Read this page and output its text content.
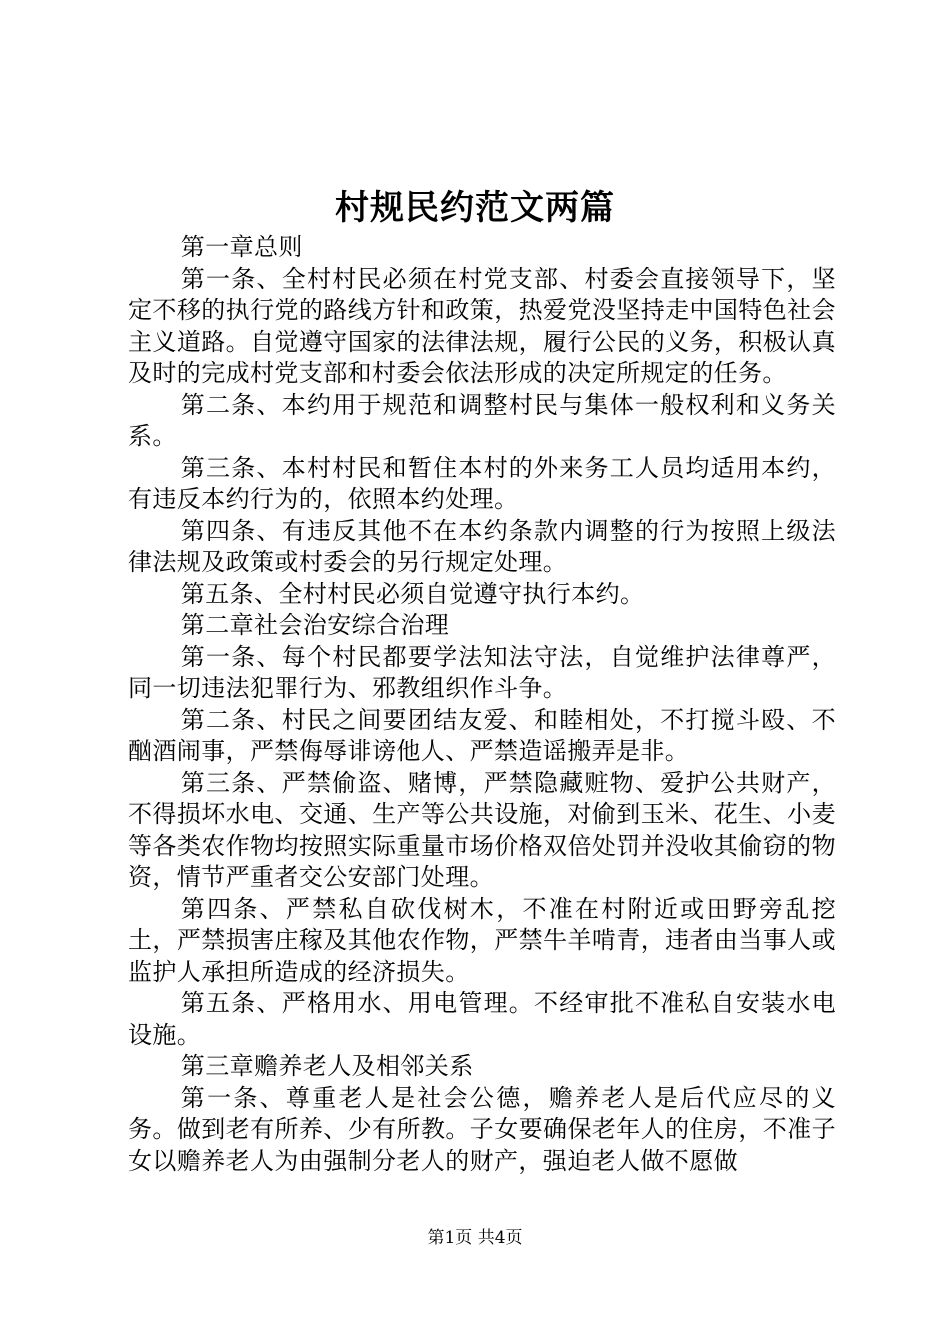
村规民约范文两篇

第一章总则

第一条、全村村民必须在村党支部、村委会直接领导下，坚定不移的执行党的路线方针和政策，热爱党没坚持走中国特色社会主义道路。自觉遵守国家的法律法规，履行公民的义务，积极认真及时的完成村党支部和村委会依法形成的决定所规定的任务。

第二条、本约用于规范和调整村民与集体一般权利和义务关系。

第三条、本村村民和暂住本村的外来务工人员均适用本约，有违反本约行为的，依照本约处理。

第四条、有违反其他不在本约条款内调整的行为按照上级法律法规及政策或村委会的另行规定处理。

第五条、全村村民必须自觉遵守执行本约。

第二章社会治安综合治理

第一条、每个村民都要学法知法守法，自觉维护法律尊严，同一切违法犯罪行为、邪教组织作斗争。

第二条、村民之间要团结友爱、和睦相处，不打搅斗殴、不酗酒闹事，严禁侮辱诽谤他人、严禁造谣搬弄是非。

第三条、严禁偷盗、赌博，严禁隐藏赃物、爱护公共财产，不得损坏水电、交通、生产等公共设施，对偷到玉米、花生、小麦等各类农作物均按照实际重量市场价格双倍处罚并没收其偷窃的物资，情节严重者交公安部门处理。

第四条、严禁私自砍伐树木，不准在村附近或田野旁乱挖土，严禁损害庄稼及其他农作物，严禁牛羊啃青，违者由当事人或监护人承担所造成的经济损失。

第五条、严格用水、用电管理。不经审批不准私自安装水电设施。

第三章赡养老人及相邻关系

第一条、尊重老人是社会公德，赡养老人是后代应尽的义务。做到老有所养、少有所教。子女要确保老年人的住房，不准子女以赡养老人为由强制分老人的财产，强迫老人做不愿做

第1页 共4页
